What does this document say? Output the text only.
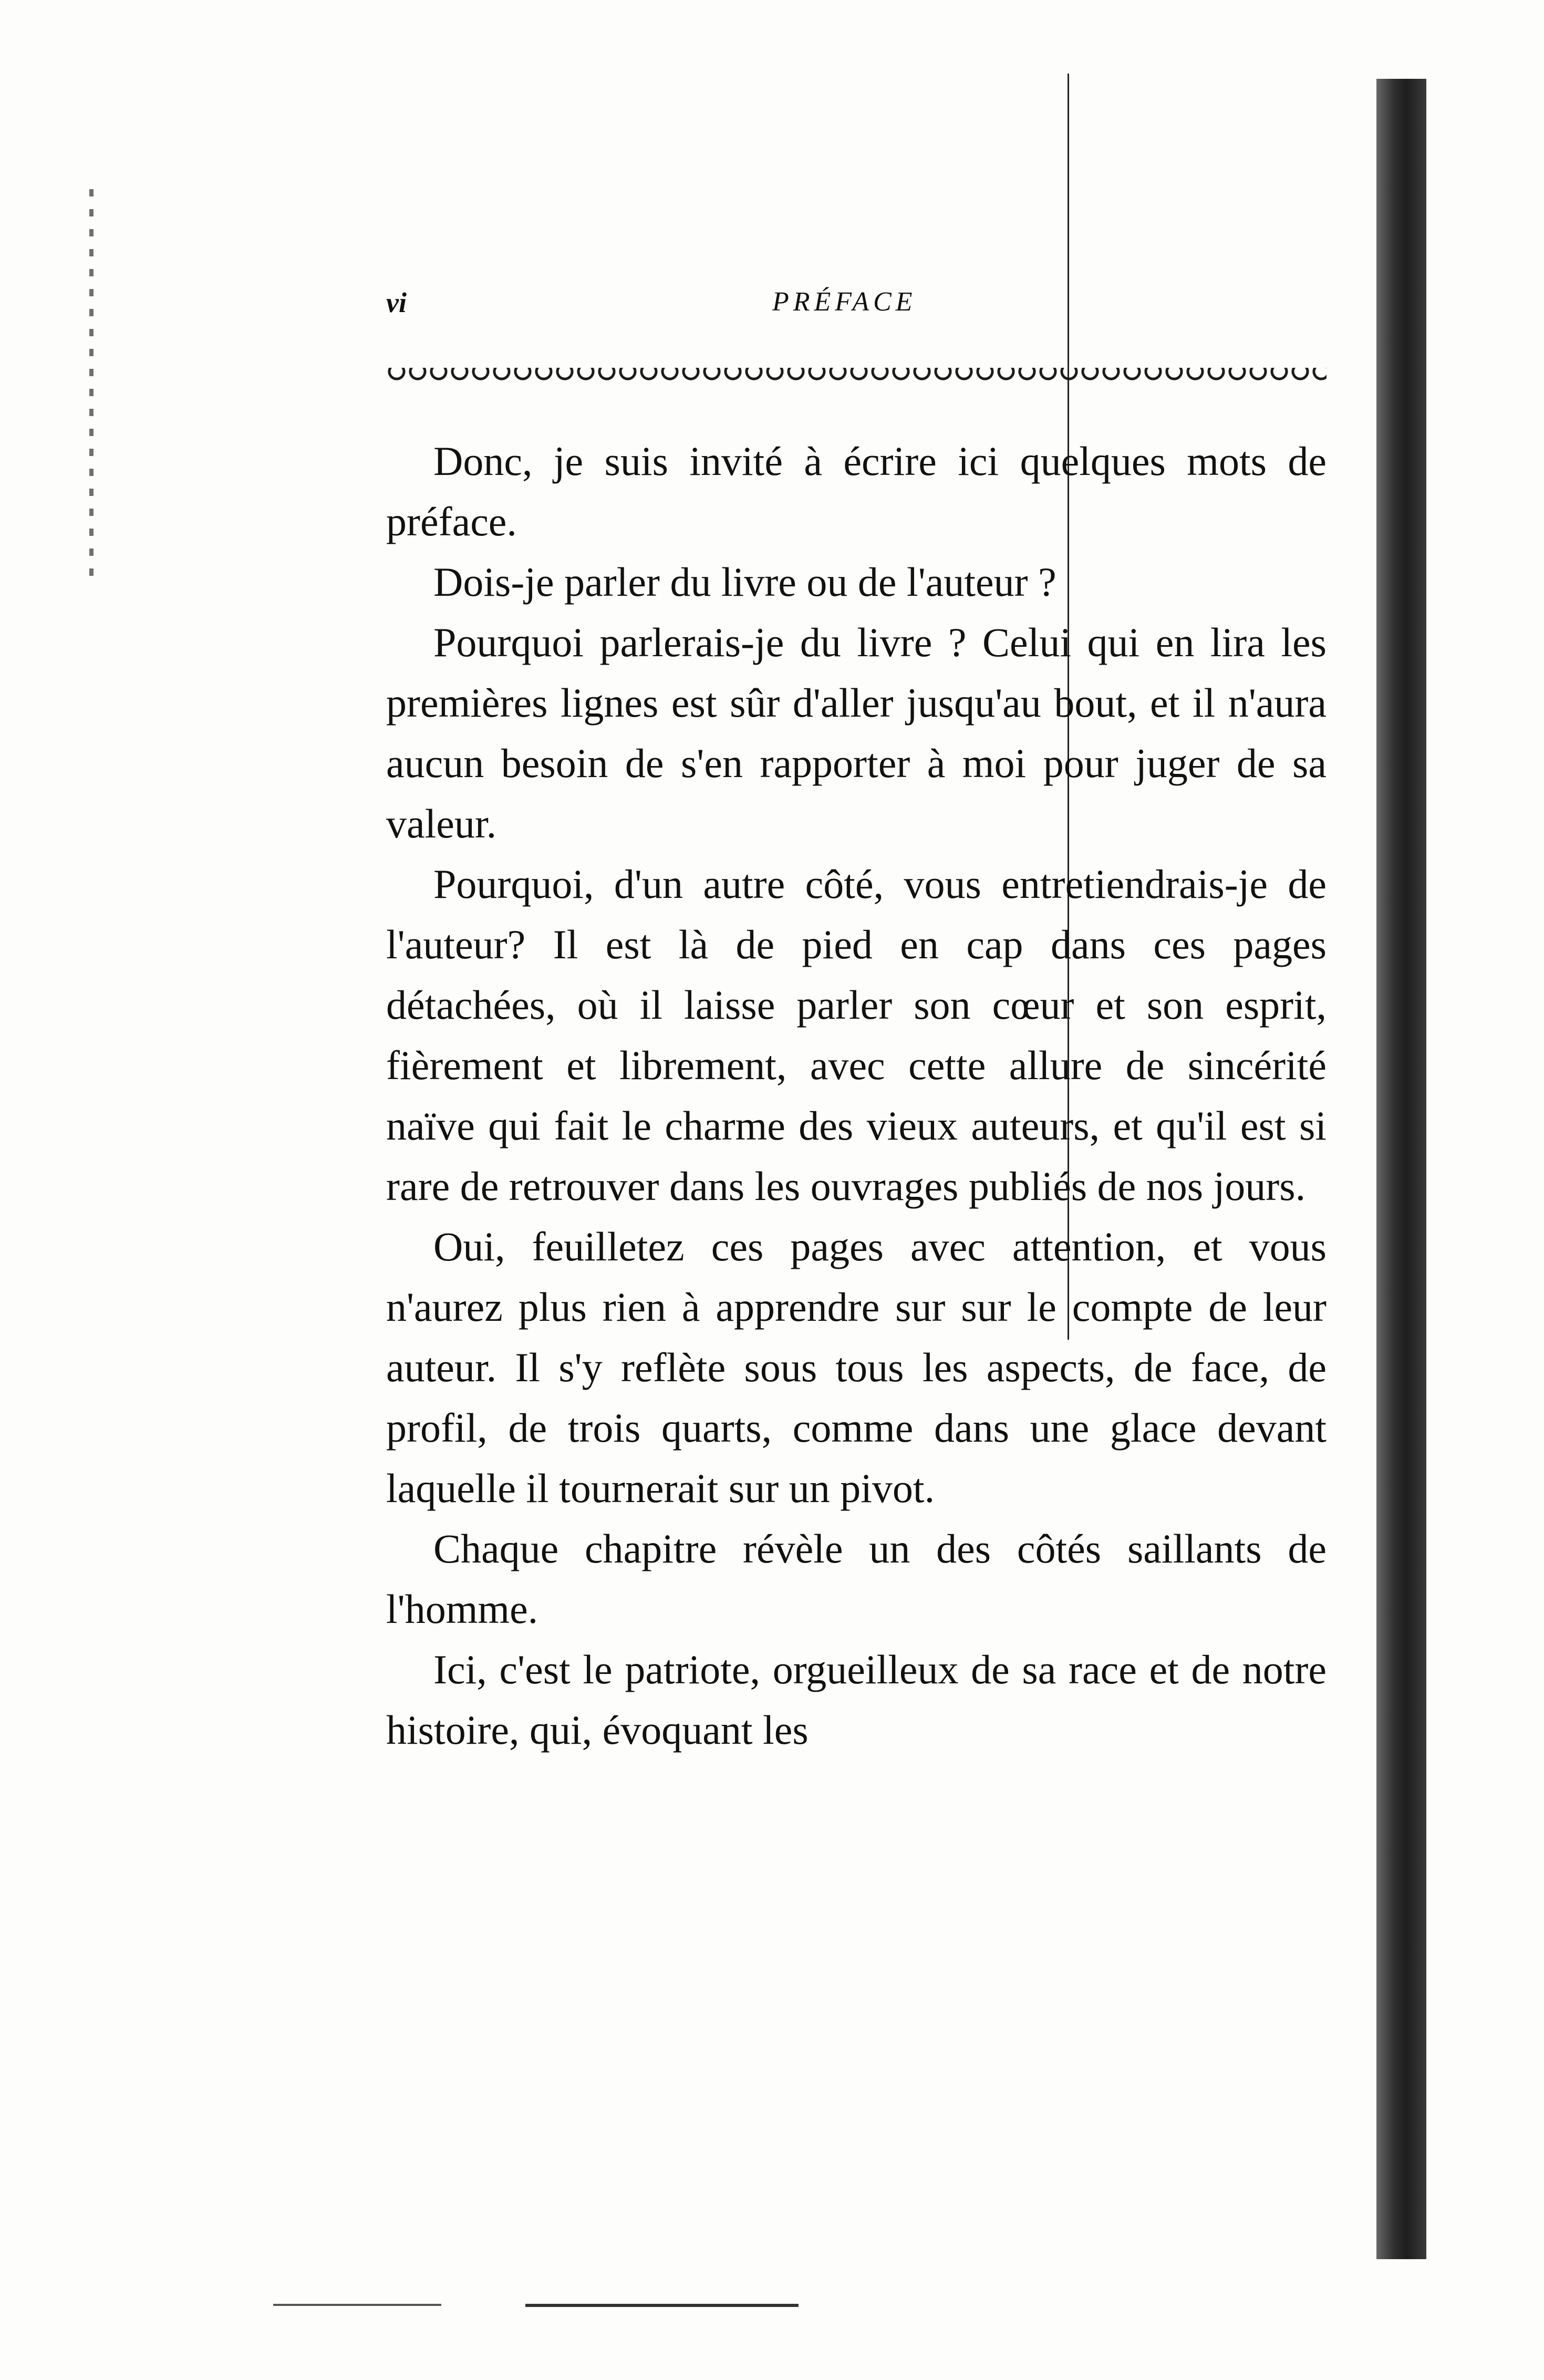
vi	PRÉFACE

Donc, je suis invité à écrire ici quelques mots de préface.

Dois-je parler du livre ou de l'auteur ?

Pourquoi parlerais-je du livre ? Celui qui en lira les premières lignes est sûr d'aller jusqu'au bout, et il n'aura aucun besoin de s'en rapporter à moi pour juger de sa valeur.

Pourquoi, d'un autre côté, vous entretiendrais-je de l'auteur? Il est là de pied en cap dans ces pages détachées, où il laisse parler son cœur et son esprit, fièrement et librement, avec cette allure de sincérité naïve qui fait le charme des vieux auteurs, et qu'il est si rare de retrouver dans les ouvrages publiés de nos jours.

Oui, feuilletez ces pages avec attention, et vous n'aurez plus rien à apprendre sur sur le compte de leur auteur. Il s'y reflète sous tous les aspects, de face, de profil, de trois quarts, comme dans une glace devant laquelle il tournerait sur un pivot.

Chaque chapitre révèle un des côtés saillants de l'homme.

Ici, c'est le patriote, orgueilleux de sa race et de notre histoire, qui, évoquant les
